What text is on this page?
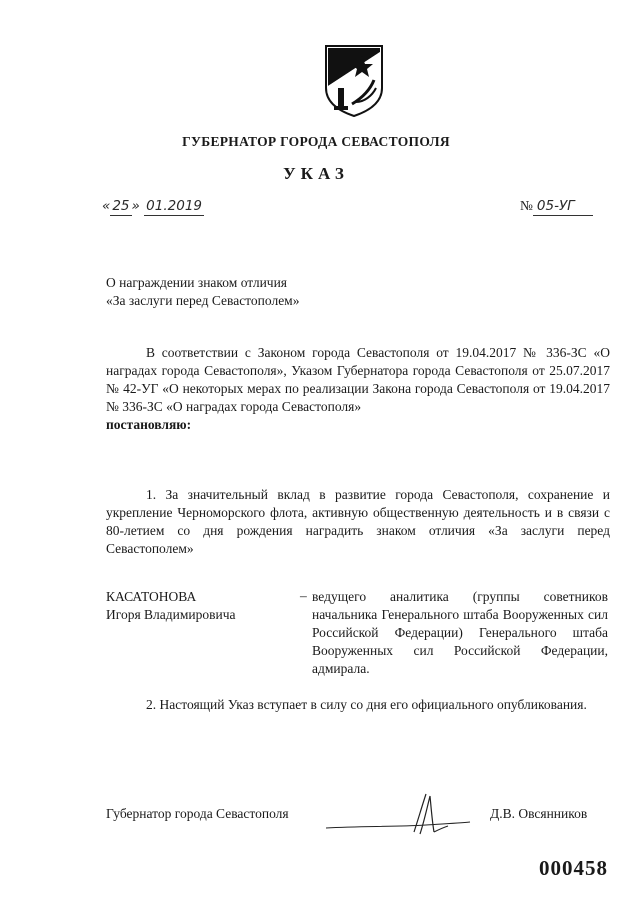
ГУБЕРНАТОР ГОРОДА СЕВАСТОПОЛЯ
УКАЗ
« 25 » 01.2019	№ 05-УГ
О награждении знаком отличия
«За заслуги перед Севастополем»
В соответствии с Законом города Севастополя от 19.04.2017 № 336-ЗС «О наградах города Севастополя», Указом Губернатора города Севастополя от 25.07.2017 № 42-УГ «О некоторых мерах по реализации Закона города Севастополя от 19.04.2017 № 336-ЗС «О наградах города Севастополя»
постановляю:
1. За значительный вклад в развитие города Севастополя, сохранение и укрепление Черноморского флота, активную общественную деятельность и в связи с 80-летием со дня рождения наградить знаком отличия «За заслуги перед Севастополем»
КАСАТОНОВА
Игоря Владимировича
– ведущего аналитика (группы советников начальника Генерального штаба Вооруженных сил Российской Федерации) Генерального штаба Вооруженных сил Российской Федерации, адмирала.
2. Настоящий Указ вступает в силу со дня его официального опубликования.
Губернатор города Севастополя	Д.В. Овсянников
000458
